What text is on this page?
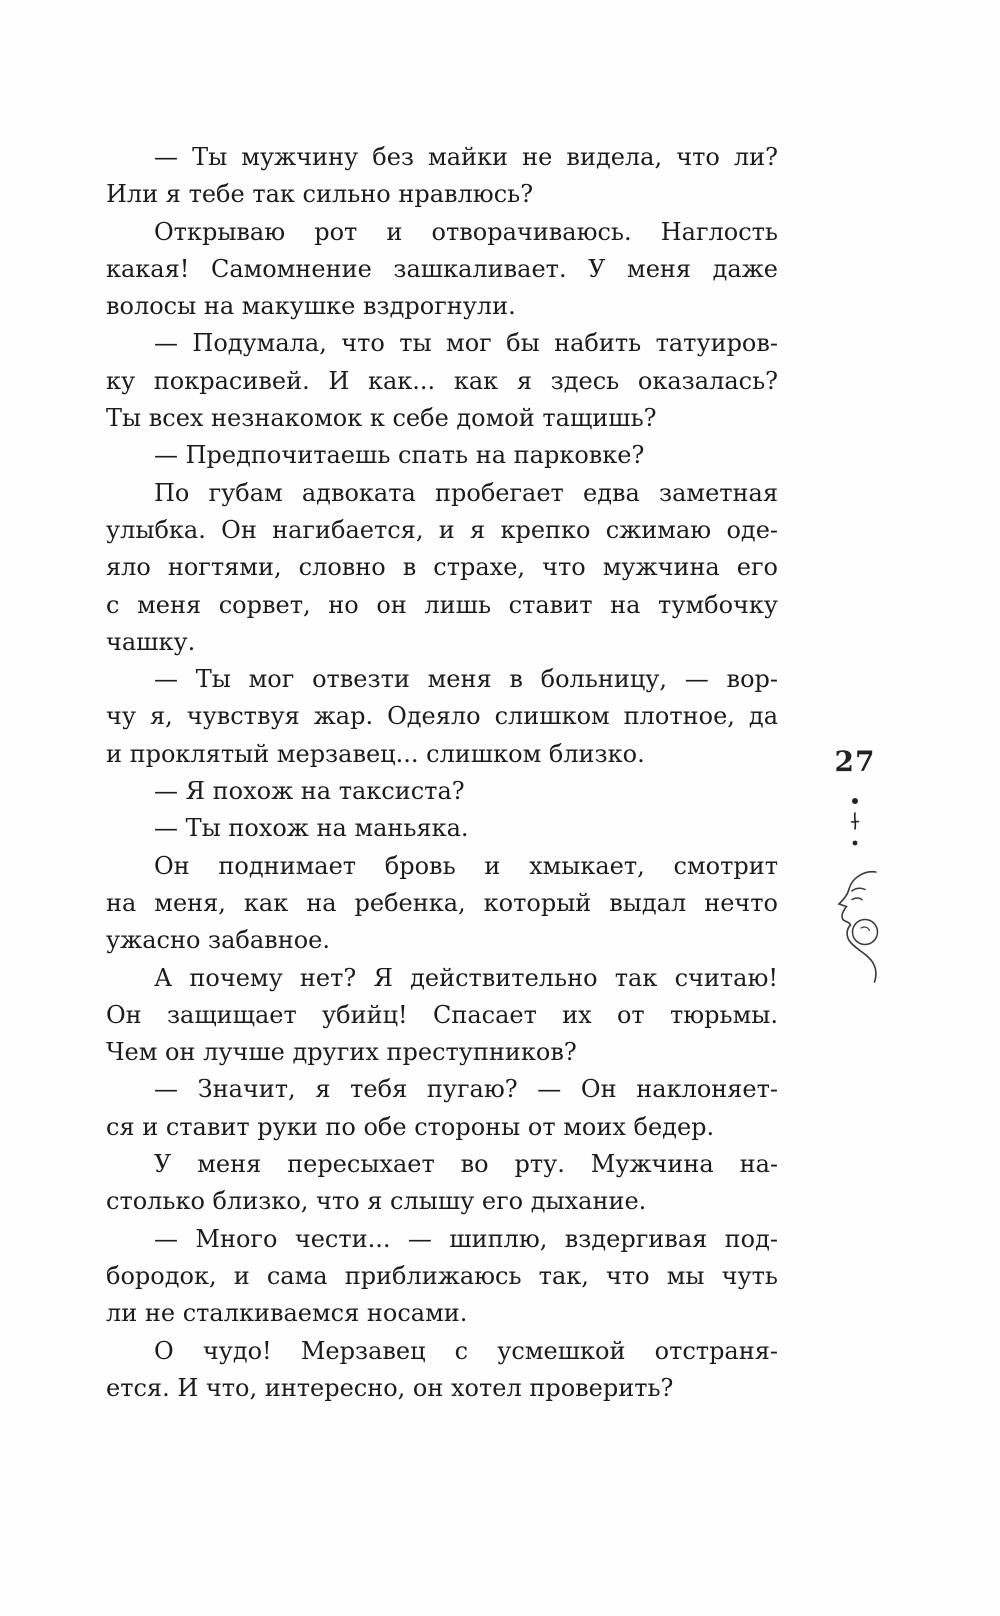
— Ты мужчину без майки не видела, что ли?
Или я тебе так сильно нравлюсь?
Открываю рот и отворачиваюсь. Наглость
какая! Самомнение зашкаливает. У меня даже
волосы на макушке вздрогнули.
— Подумала, что ты мог бы набить татуиров-
ку покрасивей. И как... как я здесь оказалась?
Ты всех незнакомок к себе домой тащишь?
— Предпочитаешь спать на парковке?
По губам адвоката пробегает едва заметная
улыбка. Он нагибается, и я крепко сжимаю оде-
яло ногтями, словно в страхе, что мужчина его
с меня сорвет, но он лишь ставит на тумбочку
чашку.
— Ты мог отвезти меня в больницу, — вор-
чу я, чувствуя жар. Одеяло слишком плотное, да
и проклятый мерзавец... слишком близко.
— Я похож на таксиста?
— Ты похож на маньяка.
Он поднимает бровь и хмыкает, смотрит
на меня, как на ребенка, который выдал нечто
ужасно забавное.
А почему нет? Я действительно так считаю!
Он защищает убийц! Спасает их от тюрьмы.
Чем он лучше других преступников?
— Значит, я тебя пугаю? — Он наклоняет-
ся и ставит руки по обе стороны от моих бедер.
У меня пересыхает во рту. Мужчина на-
столько близко, что я слышу его дыхание.
— Много чести... — шиплю, вздергивая под-
бородок, и сама приближаюсь так, что мы чуть
ли не сталкиваемся носами.
О чудо! Мерзавец с усмешкой отстраня-
ется. И что, интересно, он хотел проверить?
27
